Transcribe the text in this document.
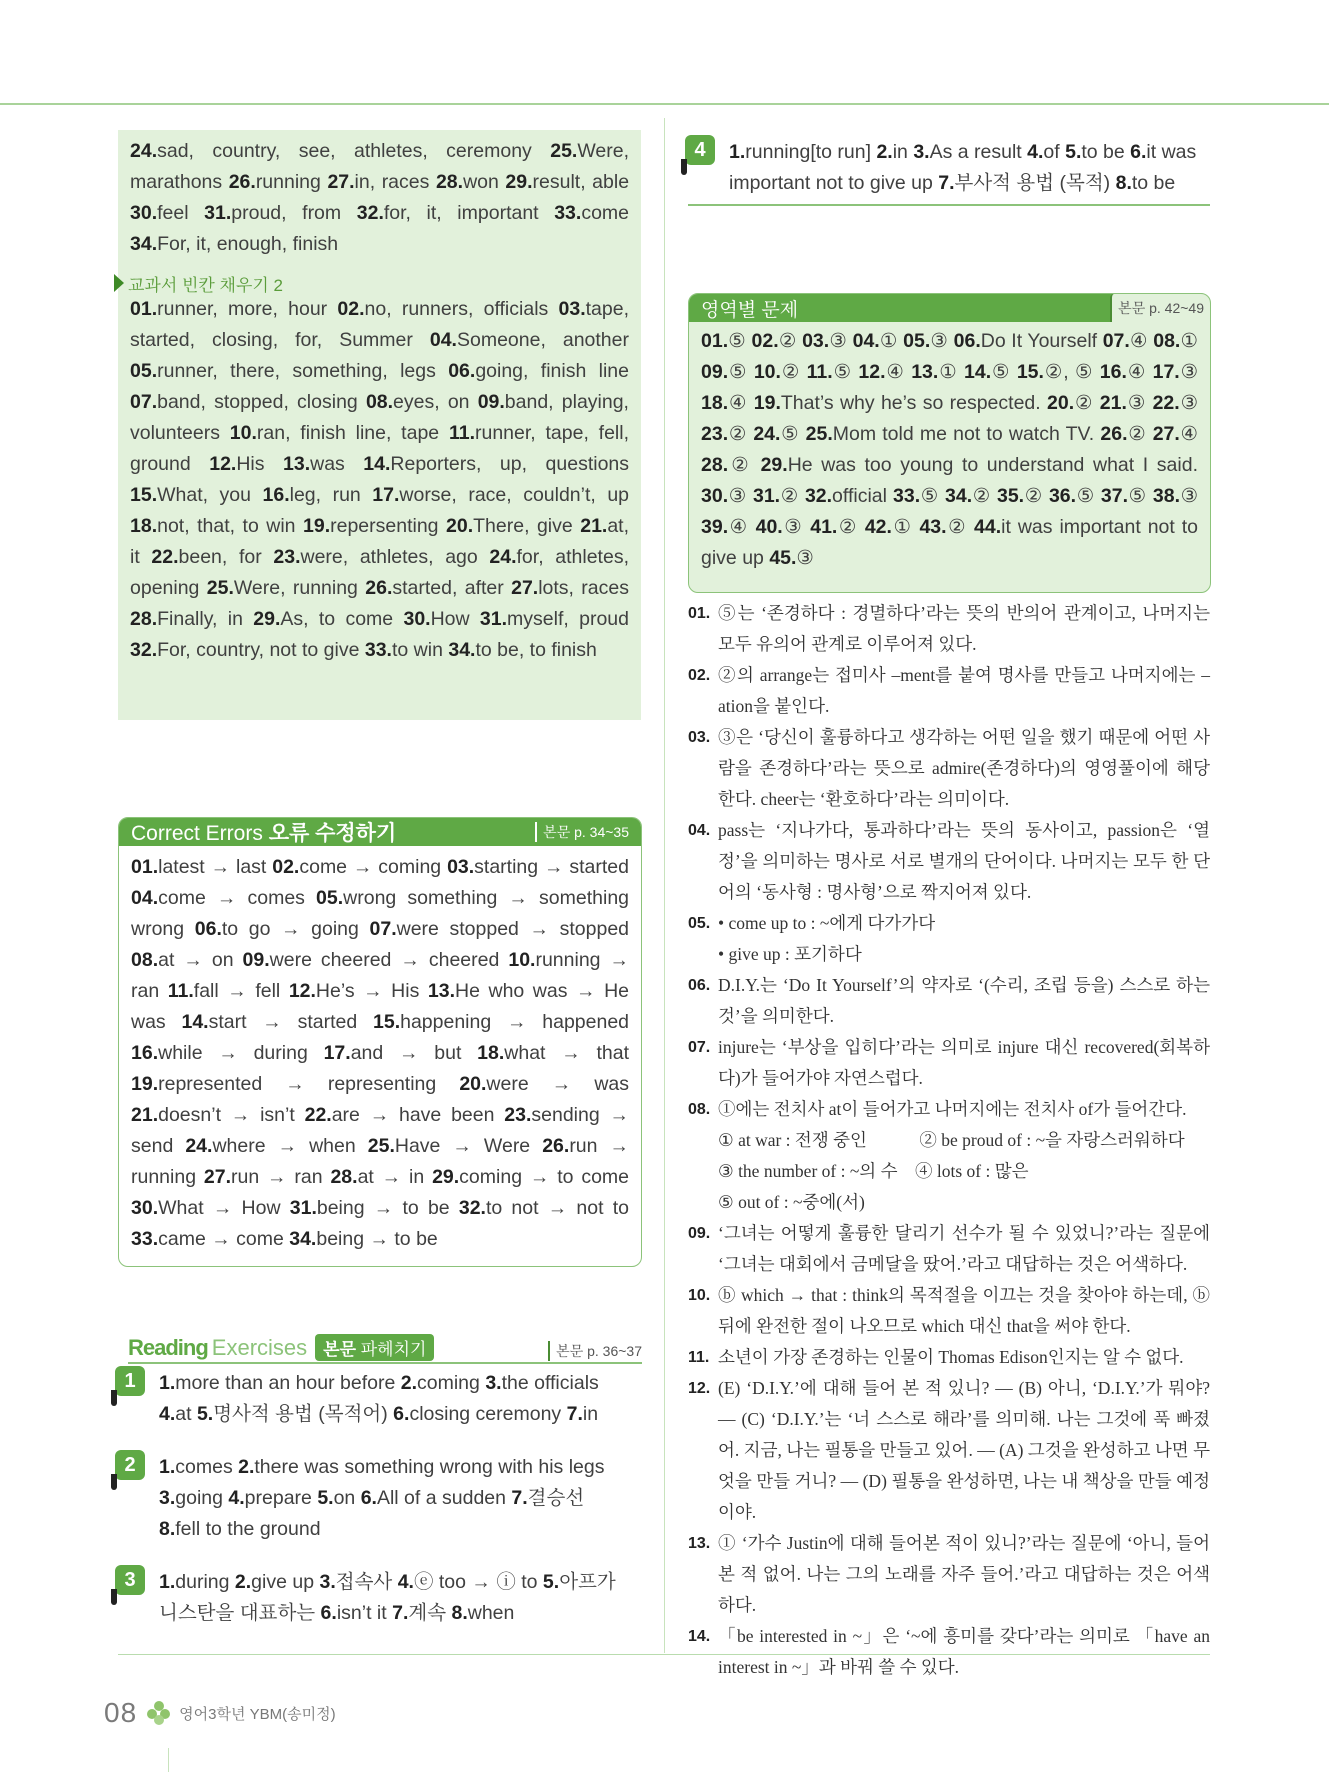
24.sad, country, see, athletes, ceremony 25.Were, marathons 26.running 27.in, races 28.won 29.result, able 30.feel 31.proud, from 32.for, it, important 33.come 34.For, it, enough, finish
교과서 빈칸 채우기 2
01.runner, more, hour 02.no, runners, officials 03.tape, started, closing, for, Summer 04.Someone, another 05.runner, there, something, legs 06.going, finish line 07.band, stopped, closing 08.eyes, on 09.band, playing, volunteers 10.ran, finish line, tape 11.runner, tape, fell, ground 12.His 13.was 14.Reporters, up, questions 15.What, you 16.leg, run 17.worse, race, couldn’t, up 18.not, that, to win 19.repersenting 20.There, give 21.at, it 22.been, for 23.were, athletes, ago 24.for, athletes, opening 25.Were, running 26.started, after 27.lots, races 28.Finally, in 29.As, to come 30.How 31.myself, proud 32.For, country, not to give 33.to win 34.to be, to finish
Correct Errors 오류 수정하기	본문 p. 34~35
01.latest → last 02.come → coming 03.starting → started 04.come → comes 05.wrong something → something wrong 06.to go → going 07.were stopped → stopped 08.at → on 09.were cheered → cheered 10.running → ran 11.fall → fell 12.He’s → His 13.He who was → He was 14.start → started 15.happening → happened 16.while → during 17.and → but 18.what → that 19.represented → representing 20.were → was 21.doesn’t → isn’t 22.are → have been 23.sending → send 24.where → when 25.Have → Were 26.run → running 27.run → ran 28.at → in 29.coming → to come 30.What → How 31.being → to be 32.to not → not to 33.came → come 34.being → to be
Reading Exercises 본문 파헤치기	본문 p. 36~37
1	1.more than an hour before 2.coming 3.the officials 4.at 5.명사적 용법 (목적어) 6.closing ceremony 7.in
2	1.comes 2.there was something wrong with his legs 3.going 4.prepare 5.on 6.All of a sudden 7.결승선 8.fell to the ground
3	1.during 2.give up 3.접속사 4.ⓔ too → ⓘ to 5.아프가니스탄을 대표하는 6.isn’t it 7.계속 8.when
4	1.running[to run] 2.in 3.As a result 4.of 5.to be 6.it was important not to give up 7.부사적 용법 (목적) 8.to be
영역별 문제	본문 p. 42~49
01.⑤ 02.② 03.③ 04.① 05.③ 06.Do It Yourself 07.④ 08.① 09.⑤ 10.② 11.⑤ 12.④ 13.① 14.⑤ 15.②, ⑤ 16.④ 17.③ 18.④ 19.That’s why he’s so respected. 20.② 21.③ 22.③ 23.② 24.⑤ 25.Mom told me not to watch TV. 26.② 27.④ 28.② 29.He was too young to understand what I said. 30.③ 31.② 32.official 33.⑤ 34.② 35.② 36.⑤ 37.⑤ 38.③ 39.④ 40.③ 41.② 42.① 43.② 44.it was important not to give up 45.③
01. ⑤는 ‘존경하다 : 경멸하다’라는 뜻의 반의어 관계이고, 나머지는 모두 유의어 관계로 이루어져 있다.
02. ②의 arrange는 접미사 –ment를 붙여 명사를 만들고 나머지에는 –ation을 붙인다.
03. ③은 ‘당신이 훌륭하다고 생각하는 어떤 일을 했기 때문에 어떤 사람을 존경하다’라는 뜻으로 admire(존경하다)의 영영풀이에 해당한다. cheer는 ‘환호하다’라는 의미이다.
04. pass는 ‘지나가다, 통과하다’라는 뜻의 동사이고, passion은 ‘열정’을 의미하는 명사로 서로 별개의 단어이다. 나머지는 모두 한 단어의 ‘동사형 : 명사형’으로 짝지어져 있다.
05. • come up to : ~에게 다가가다
• give up : 포기하다
06. D.I.Y.는 ‘Do It Yourself’의 약자로 ‘(수리, 조립 등을) 스스로 하는 것’을 의미한다.
07. injure는 ‘부상을 입히다’라는 의미로 injure 대신 recovered(회복하다)가 들어가야 자연스럽다.
08. ①에는 전치사 at이 들어가고 나머지에는 전치사 of가 들어간다.
① at war : 전쟁 중인　　　② be proud of : ~을 자랑스러워하다
③ the number of : ~의 수　④ lots of : 많은
⑤ out of : ~중에(서)
09. ‘그녀는 어떻게 훌륭한 달리기 선수가 될 수 있었니?’라는 질문에 ‘그녀는 대회에서 금메달을 땄어.’라고 대답하는 것은 어색하다.
10. ⓑ which → that : think의 목적절을 이끄는 것을 찾아야 하는데, ⓑ 뒤에 완전한 절이 나오므로 which 대신 that을 써야 한다.
11. 소년이 가장 존경하는 인물이 Thomas Edison인지는 알 수 없다.
12. (E) ‘D.I.Y.’에 대해 들어 본 적 있니? — (B) 아니, ‘D.I.Y.’가 뭐야? — (C) ‘D.I.Y.’는 ‘너 스스로 해라’를 의미해. 나는 그것에 푹 빠졌어. 지금, 나는 필통을 만들고 있어. — (A) 그것을 완성하고 나면 무엇을 만들 거니? — (D) 필통을 완성하면, 나는 내 책상을 만들 예정이야.
13. ① ‘가수 Justin에 대해 들어본 적이 있니?’라는 질문에 ‘아니, 들어본 적 없어. 나는 그의 노래를 자주 들어.’라고 대답하는 것은 어색하다.
14. 「be interested in ~」은 ‘~에 흥미를 갖다’라는 의미로 「have an interest in ~」과 바꿔 쓸 수 있다.
08	영어3학년 YBM(송미정)
